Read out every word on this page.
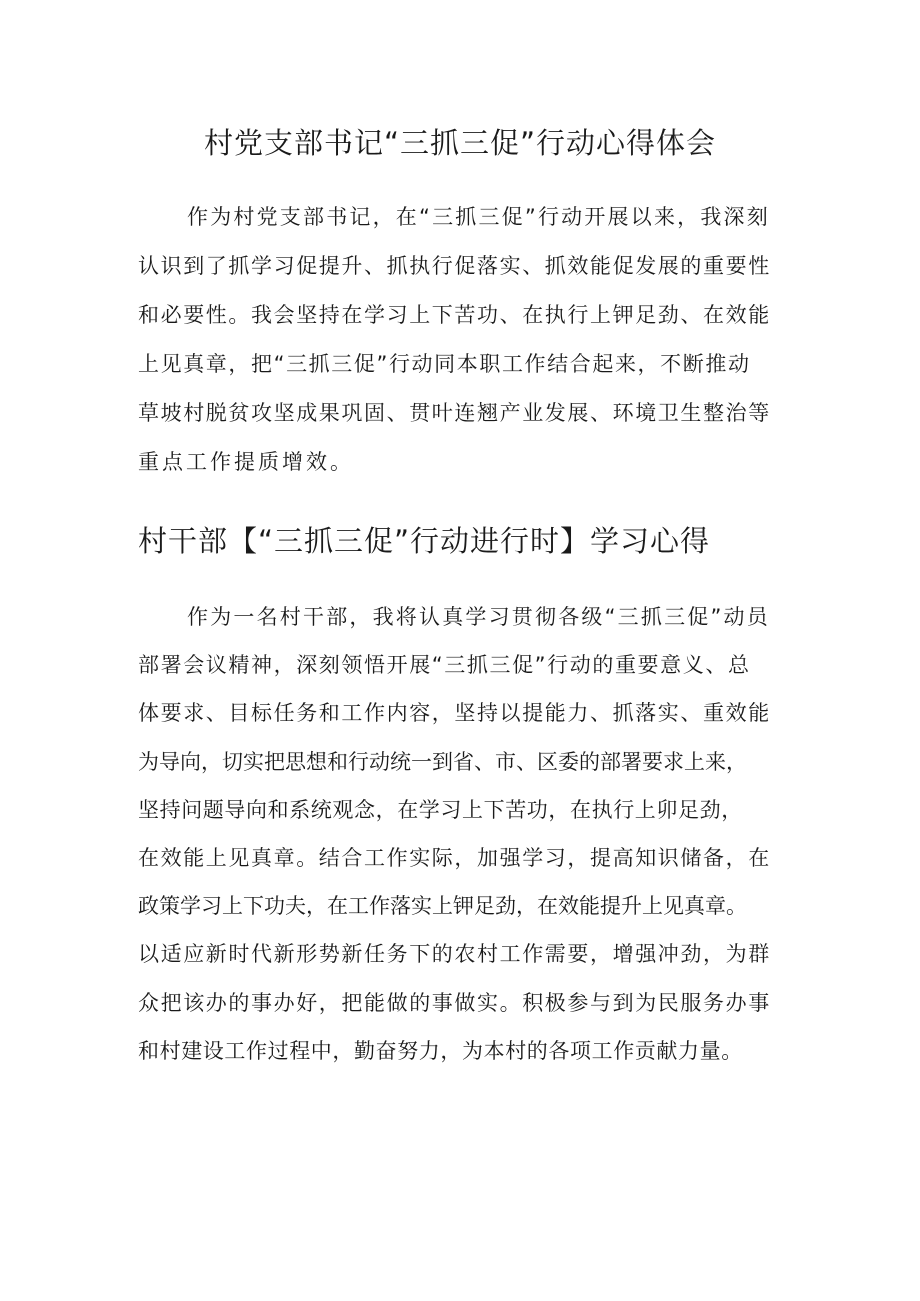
村党支部书记“三抓三促”行动心得体会
作为村党支部书记，在“三抓三促”行动开展以来，我深刻
认识到了抓学习促提升、抓执行促落实、抓效能促发展的重要性
和必要性。我会坚持在学习上下苦功、在执行上钾足劲、在效能
上见真章，把“三抓三促”行动同本职工作结合起来，不断推动
草坡村脱贫攻坚成果巩固、贯叶连翘产业发展、环境卫生整治等
重点工作提质增效。
村干部【“三抓三促”行动进行时】学习心得
作为一名村干部，我将认真学习贯彻各级“三抓三促”动员
部署会议精神，深刻领悟开展“三抓三促”行动的重要意义、总
体要求、目标任务和工作内容，坚持以提能力、抓落实、重效能
为导向，切实把思想和行动统一到省、市、区委的部署要求上来，
坚持问题导向和系统观念，在学习上下苦功，在执行上卯足劲，
在效能上见真章。结合工作实际，加强学习，提高知识储备，在
政策学习上下功夫，在工作落实上钾足劲，在效能提升上见真章。
以适应新时代新形势新任务下的农村工作需要，增强冲劲，为群
众把该办的事办好，把能做的事做实。积极参与到为民服务办事
和村建设工作过程中，勤奋努力，为本村的各项工作贡献力量。
